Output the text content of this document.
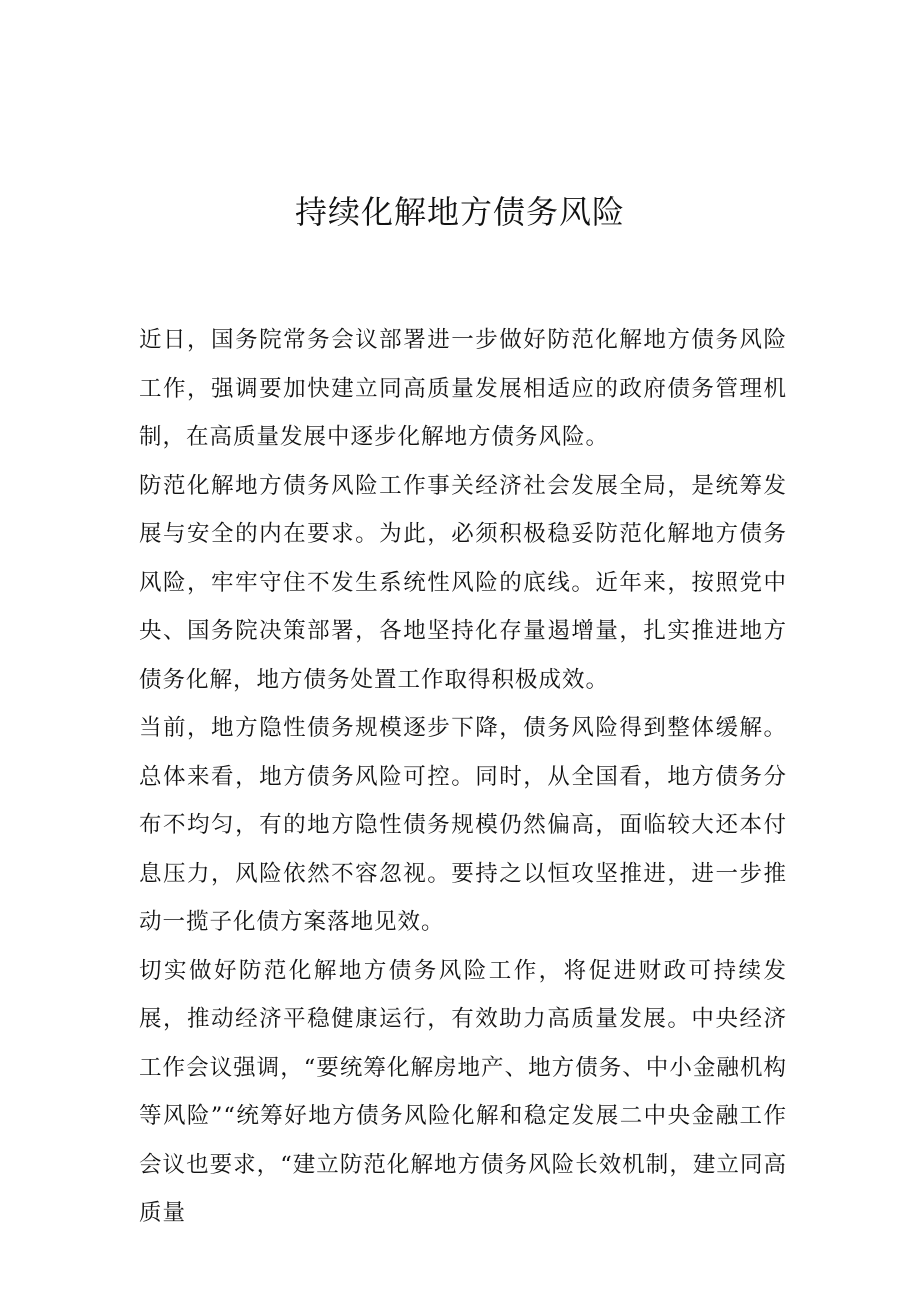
持续化解地方债务风险

近日，国务院常务会议部署进一步做好防范化解地方债务风险工作，强调要加快建立同高质量发展相适应的政府债务管理机制，在高质量发展中逐步化解地方债务风险。

防范化解地方债务风险工作事关经济社会发展全局，是统筹发展与安全的内在要求。为此，必须积极稳妥防范化解地方债务风险，牢牢守住不发生系统性风险的底线。近年来，按照党中央、国务院决策部署，各地坚持化存量遏增量，扎实推进地方债务化解，地方债务处置工作取得积极成效。

当前，地方隐性债务规模逐步下降，债务风险得到整体缓解。总体来看，地方债务风险可控。同时，从全国看，地方债务分布不均匀，有的地方隐性债务规模仍然偏高，面临较大还本付息压力，风险依然不容忽视。要持之以恒攻坚推进，进一步推动一揽子化债方案落地见效。

切实做好防范化解地方债务风险工作，将促进财政可持续发展，推动经济平稳健康运行，有效助力高质量发展。中央经济工作会议强调，“要统筹化解房地产、地方债务、中小金融机构等风险”“统筹好地方债务风险化解和稳定发展二中央金融工作会议也要求，“建立防范化解地方债务风险长效机制，建立同高质量
